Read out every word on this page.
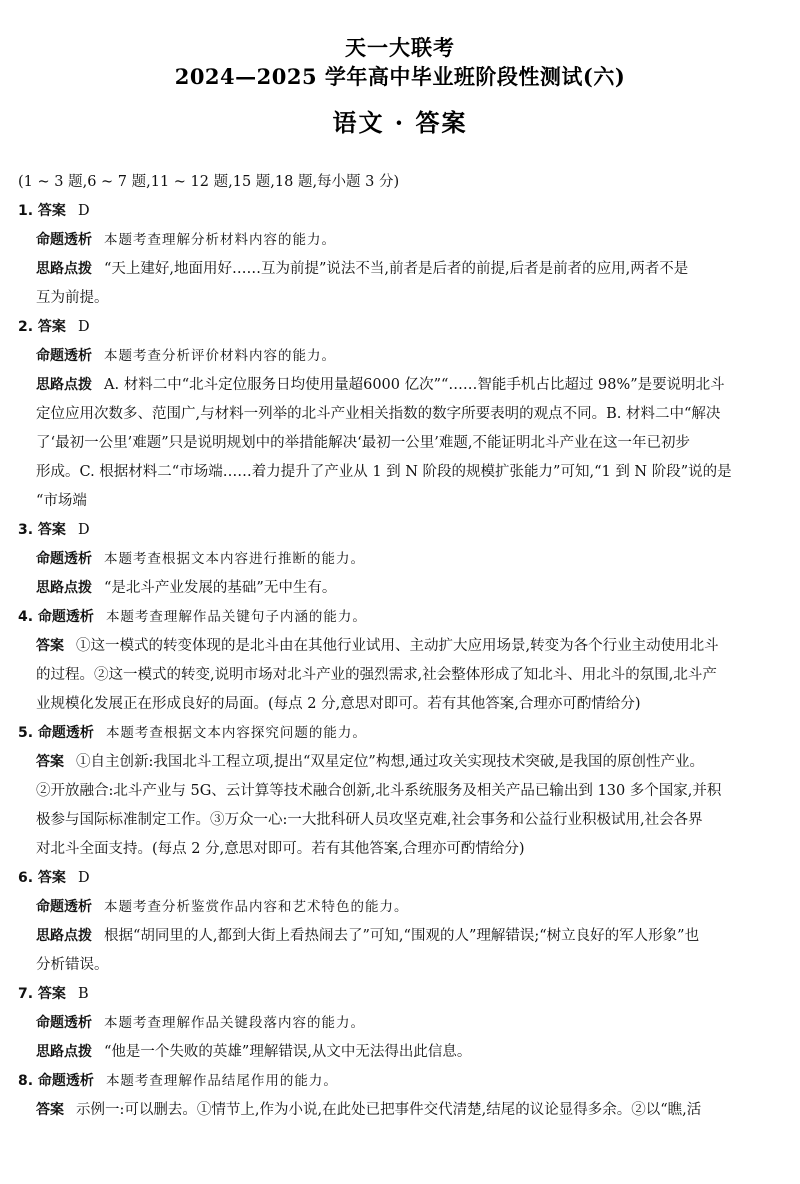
天一大联考
2024—2025 学年高中毕业班阶段性测试(六)
语文 · 答案

(1 ~ 3 题,6 ~ 7 题,11 ~ 12 题,15 题,18 题,每小题 3 分)

1. 答案 D

命题透析 本题考查理解分析材料内容的能力。

思路点拨 “天上建好,地面用好……互为前提”说法不当,前者是后者的前提,后者是前者的应用,两者不是

互为前提。

2. 答案 D

命题透析 本题考查分析评价材料内容的能力。

思路点拨 A. 材料二中“北斗定位服务日均使用量超6000 亿次”“……智能手机占比超过 98%”是要说明北斗

定位应用次数多、范围广,与材料一列举的北斗产业相关指数的数字所要表明的观点不同。B. 材料二中“解决

了‘最初一公里’难题”只是说明规划中的举措能解决‘最初一公里’难题,不能证明北斗产业在这一年已初步

形成。C. 根据材料二“市场端……着力提升了产业从 1 到 N 阶段的规模扩张能力”可知,“1 到 N 阶段”说的是

“市场端

3. 答案 D

命题透析 本题考查根据文本内容进行推断的能力。

思路点拨 “是北斗产业发展的基础”无中生有。

4. 命题透析 本题考查理解作品关键句子内涵的能力。

答案 ①这一模式的转变体现的是北斗由在其他行业试用、主动扩大应用场景,转变为各个行业主动使用北斗

的过程。②这一模式的转变,说明市场对北斗产业的强烈需求,社会整体形成了知北斗、用北斗的氛围,北斗产

业规模化发展正在形成良好的局面。(每点 2 分,意思对即可。若有其他答案,合理亦可酌情给分)

5. 命题透析 本题考查根据文本内容探究问题的能力。

答案 ①自主创新:我国北斗工程立项,提出“双星定位”构想,通过攻关实现技术突破,是我国的原创性产业。

②开放融合:北斗产业与 5G、云计算等技术融合创新,北斗系统服务及相关产品已输出到 130 多个国家,并积

极参与国际标准制定工作。③万众一心:一大批科研人员攻坚克难,社会事务和公益行业积极试用,社会各界

对北斗全面支持。(每点 2 分,意思对即可。若有其他答案,合理亦可酌情给分)

6. 答案 D

命题透析 本题考查分析鉴赏作品内容和艺术特色的能力。

思路点拨 根据“胡同里的人,都到大街上看热闹去了”可知,“围观的人”理解错误;“树立良好的军人形象”也

分析错误。

7. 答案 B

命题透析 本题考查理解作品关键段落内容的能力。

思路点拨 “他是一个失败的英雄”理解错误,从文中无法得出此信息。

8. 命题透析 本题考查理解作品结尾作用的能力。

答案 示例一:可以删去。①情节上,作为小说,在此处已把事件交代清楚,结尾的议论显得多余。②以“瞧,活
